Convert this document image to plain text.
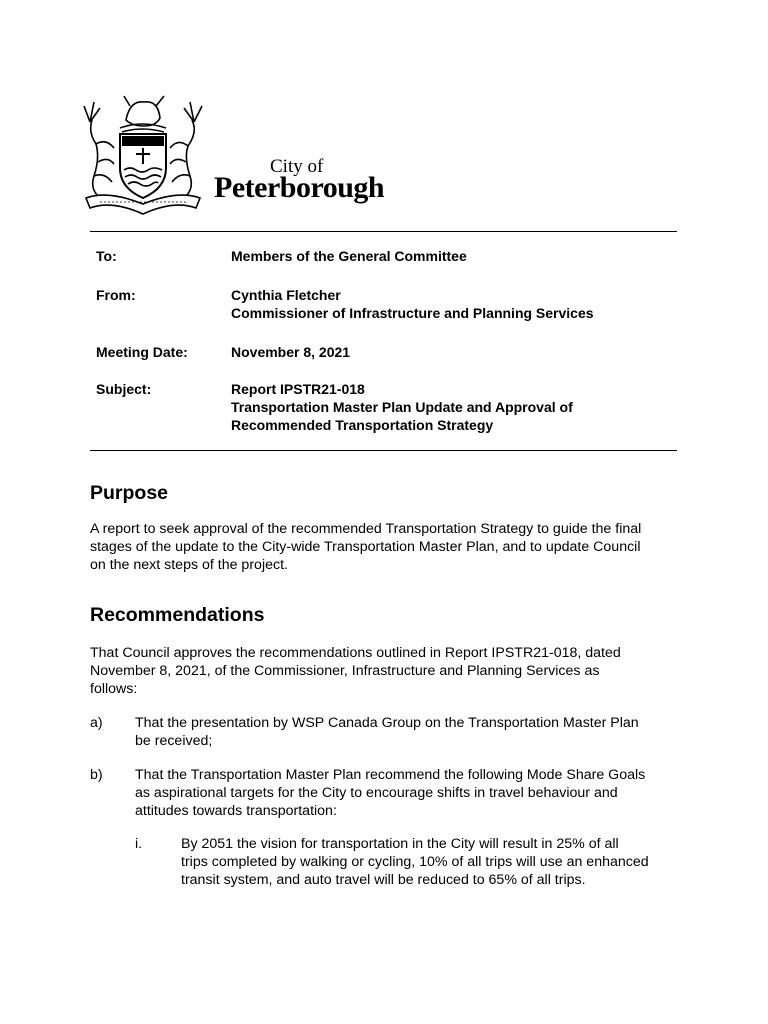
City of
Peterborough
To:	Members of the General Committee
From:	Cynthia Fletcher
Commissioner of Infrastructure and Planning Services
Meeting Date:	November 8, 2021
Subject:	Report IPSTR21-018
Transportation Master Plan Update and Approval of
Recommended Transportation Strategy
Purpose
A report to seek approval of the recommended Transportation Strategy to guide the final
stages of the update to the City-wide Transportation Master Plan, and to update Council
on the next steps of the project.
Recommendations
That Council approves the recommendations outlined in Report IPSTR21-018, dated
November 8, 2021, of the Commissioner, Infrastructure and Planning Services as
follows:
a) That the presentation by WSP Canada Group on the Transportation Master Plan
be received;
b) That the Transportation Master Plan recommend the following Mode Share Goals
as aspirational targets for the City to encourage shifts in travel behaviour and
attitudes towards transportation:
i.	By 2051 the vision for transportation in the City will result in 25% of all
trips completed by walking or cycling, 10% of all trips will use an enhanced
transit system, and auto travel will be reduced to 65% of all trips.
